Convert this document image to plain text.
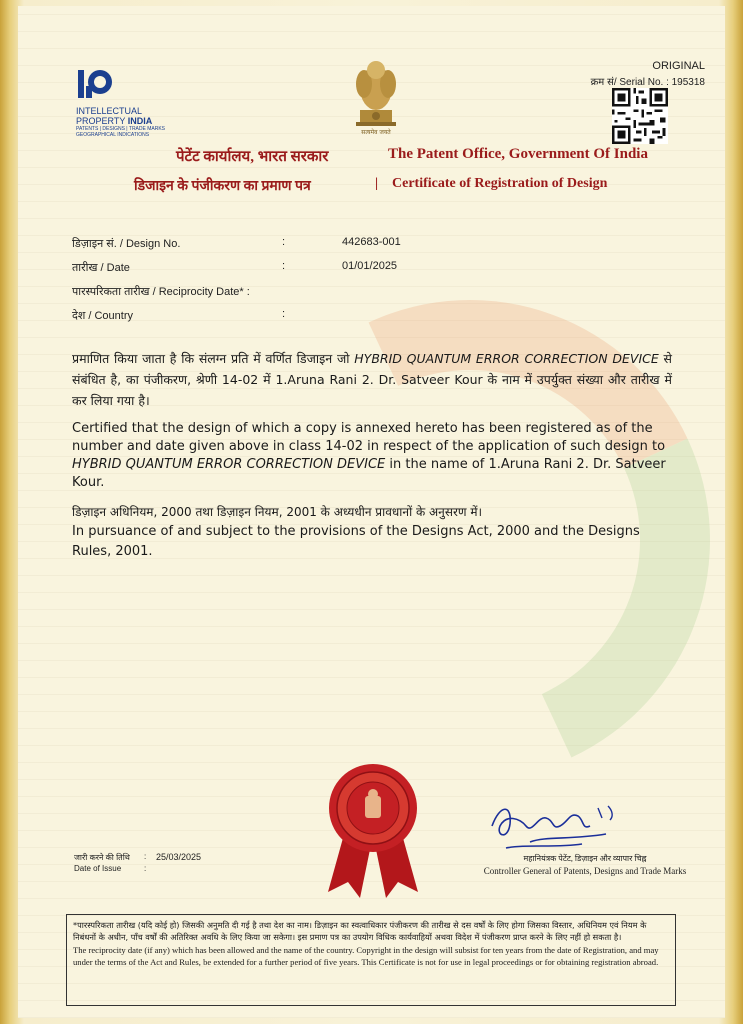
INTELLECTUAL
PROPERTY INDIA
PATENTS | DESIGNS | TRADE MARKS
GEOGRAPHICAL INDICATIONS	सत्यमेव जयते
ORIGINAL
क्रम सं/ Serial No. : 195318
पेटेंट कार्यालय, भारत सरकार	The Patent Office, Government Of India
डिजाइन के पंजीकरण का प्रमाण पत्र	| Certificate of Registration of Design
डिज़ाइन सं. / Design No.	:	442683-001
तारीख / Date	:	01/01/2025
पारस्परिकता तारीख / Reciprocity Date* :
देश / Country	:
प्रमाणित किया जाता है कि संलग्न प्रति में वर्णित डिजाइन जो HYBRID QUANTUM ERROR CORRECTION DEVICE से संबंधित है, का पंजीकरण, श्रेणी 14-02 में 1.Aruna Rani 2. Dr. Satveer Kour के नाम में उपर्युक्त संख्या और तारीख में कर लिया गया है।
Certified that the design of which a copy is annexed hereto has been registered as of the number and date given above in class 14-02 in respect of the application of such design to HYBRID QUANTUM ERROR CORRECTION DEVICE in the name of 1.Aruna Rani 2. Dr. Satveer Kour.
डिज़ाइन अधिनियम, 2000 तथा डिज़ाइन नियम, 2001 के अध्यधीन प्रावधानों के अनुसरण में।
In pursuance of and subject to the provisions of the Designs Act, 2000 and the Designs Rules, 2001.
जारी करने की तिथि : 25/03/2025
Date of Issue	:
महानियंत्रक पेटेंट, डिज़ाइन और व्यापार चिह्न
Controller General of Patents, Designs and Trade Marks
*पारस्परिकता तारीख (यदि कोई हो) जिसकी अनुमति दी गई है तथा देश का नाम। डिज़ाइन का स्वत्वाधिकार पंजीकरण की तारीख से दस वर्षों के लिए होगा जिसका विस्तार, अधिनियम एवं नियम के निबंधनों के अधीन, पाँच वर्षों की अतिरिक्त अवधि के लिए किया जा सकेगा। इस प्रमाण पत्र का उपयोग विधिक कार्यवाहियों अथवा विदेश में पंजीकरण प्राप्त करने के लिए नहीं हो सकता है।
The reciprocity date (if any) which has been allowed and the name of the country. Copyright in the design will subsist for ten years from the date of Registration, and may under the terms of the Act and Rules, be extended for a further period of five years. This Certificate is not for use in legal proceedings or for obtaining registration abroad.
